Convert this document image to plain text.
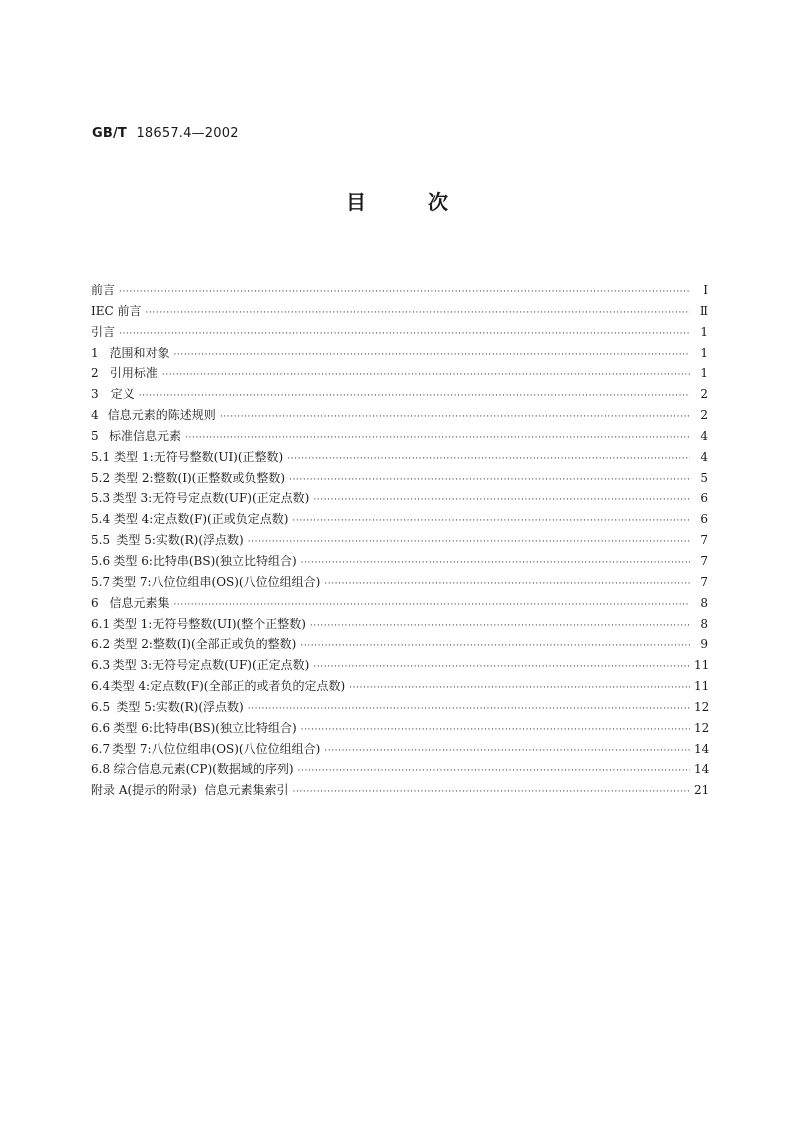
GB/T 18657.4—2002
目次
前言 ·····	Ⅰ
IEC 前言 ·····	Ⅱ
引言 ·····	1
1 范围和对象 ·····	1
2 引用标准 ·····	1
3	定义 ·····	2
4 信息元素的陈述规则 ·····	2
5 标准信息元素 ·····	4
5.1 类型 1:无符号整数(UI)(正整数) ·····	4
5.2 类型 2:整数(I)(正整数或负整数) ·····	5
5.3 类型 3:无符号定点数(UF)(正定点数) ·····	6
5.4 类型 4:定点数(F)(正或负定点数) ·····	6
5.5 类型 5:实数(R)(浮点数) ·····	7
5.6 类型 6:比特串(BS)(独立比特组合) ·····	7
5.7 类型 7:八位位组串(OS)(八位位组组合) ·····	7
6 信息元素集 ·····	8
6.1 类型 1:无符号整数(UI)(整个正整数) ·····	8
6.2 类型 2:整数(I)(全部正或负的整数) ·····	9
6.3 类型 3:无符号定点数(UF)(正定点数) ·····	11
6.4 类型 4:定点数(F)(全部正的或者负的定点数) ·····	11
6.5 类型 5:实数(R)(浮点数) ·····	12
6.6 类型 6:比特串(BS)(独立比特组合) ·····	12
6.7 类型 7:八位位组串(OS)(八位位组组合) ·····	14
6.8 综合信息元素(CP)(数据域的序列) ·····	14
附录 A(提示的附录)  信息元素集索引 ·····	21
